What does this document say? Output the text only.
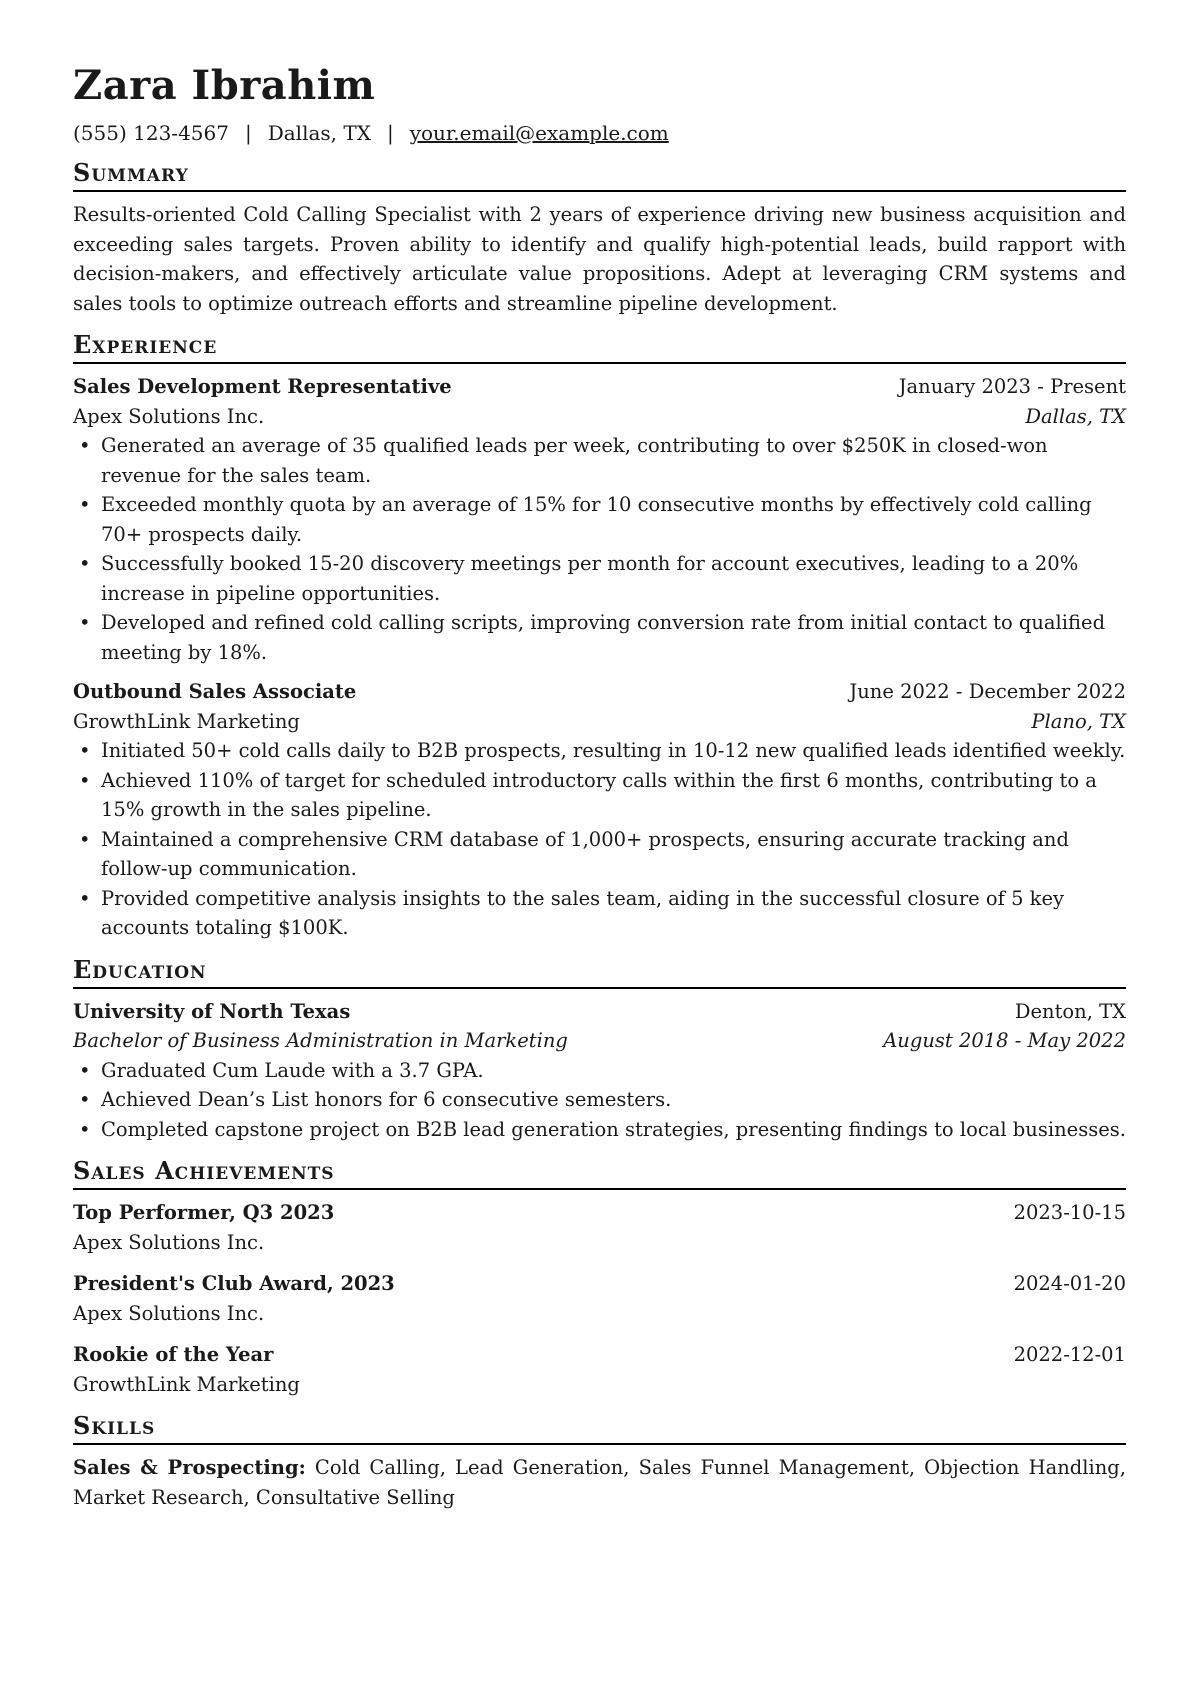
Zara Ibrahim
(555) 123-4567 | Dallas, TX | your.email@example.com
Summary

Results-oriented Cold Calling Specialist with 2 years of experience driving new business acquisition and exceeding sales targets. Proven ability to identify and qualify high-potential leads, build rapport with decision-makers, and effectively articulate value propositions. Adept at leveraging CRM systems and sales tools to optimize outreach efforts and streamline pipeline development.

Experience
Sales Development Representative	January 2023 - Present
Apex Solutions Inc.	Dallas, TX
• Generated an average of 35 qualified leads per week, contributing to over $250K in closed-won revenue for the sales team.
• Exceeded monthly quota by an average of 15% for 10 consecutive months by effectively cold calling 70+ prospects daily.
• Successfully booked 15-20 discovery meetings per month for account executives, leading to a 20% increase in pipeline opportunities.
• Developed and refined cold calling scripts, improving conversion rate from initial contact to qualified meeting by 18%.
Outbound Sales Associate	June 2022 - December 2022
GrowthLink Marketing	Plano, TX
• Initiated 50+ cold calls daily to B2B prospects, resulting in 10-12 new qualified leads identified weekly.
• Achieved 110% of target for scheduled introductory calls within the first 6 months, contributing to a 15% growth in the sales pipeline.
• Maintained a comprehensive CRM database of 1,000+ prospects, ensuring accurate tracking and follow-up communication.
• Provided competitive analysis insights to the sales team, aiding in the successful closure of 5 key accounts totaling $100K.
Education
University of North Texas	Denton, TX
Bachelor of Business Administration in Marketing	August 2018 - May 2022
• Graduated Cum Laude with a 3.7 GPA.
• Achieved Dean’s List honors for 6 consecutive semesters.
• Completed capstone project on B2B lead generation strategies, presenting findings to local businesses.
Sales Achievements
Top Performer, Q3 2023	2023-10-15
Apex Solutions Inc.
President's Club Award, 2023	2024-01-20
Apex Solutions Inc.
Rookie of the Year	2022-12-01
GrowthLink Marketing
Skills

Sales & Prospecting: Cold Calling, Lead Generation, Sales Funnel Management, Objection Handling, Market Research, Consultative Selling
